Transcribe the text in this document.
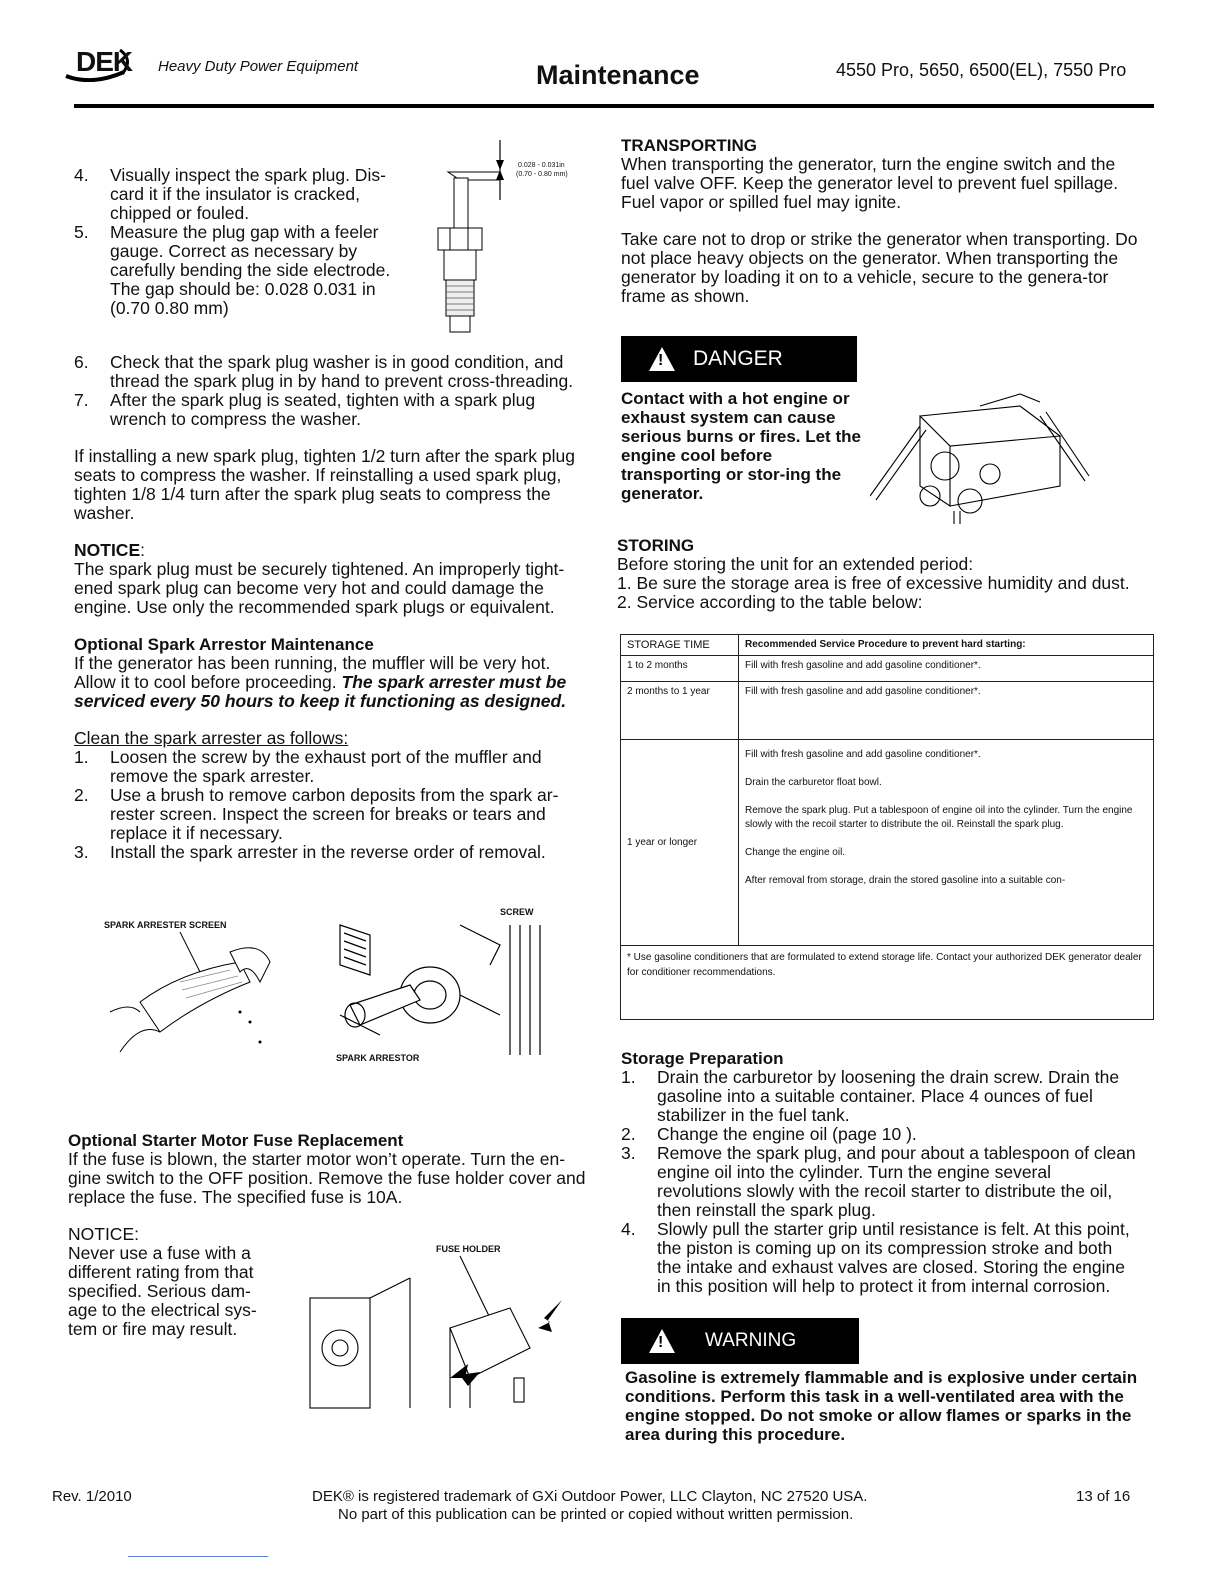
DEK Heavy Duty Power Equipment	Maintenance	4550 Pro, 5650, 6500(EL), 7550 Pro
4. Visually inspect the spark plug. Dis-card it if the insulator is cracked, chipped or fouled.
5. Measure the plug gap with a feeler gauge. Correct as necessary by carefully bending the side electrode. The gap should be: 0.028 0.031 in (0.70 0.80 mm)
0.028 - 0.031in
(0.70 - 0.80 mm)
6. Check that the spark plug washer is in good condition, and thread the spark plug in by hand to prevent cross-threading.
7. After the spark plug is seated, tighten with a spark plug wrench to compress the washer.

If installing a new spark plug, tighten 1/2 turn after the spark plug seats to compress the washer. If reinstalling a used spark plug, tighten 1/8 1/4 turn after the spark plug seats to compress the washer.

NOTICE:

The spark plug must be securely tightened. An improperly tight-ened spark plug can become very hot and could damage the engine. Use only the recommended spark plugs or equivalent.

Optional Spark Arrestor Maintenance

If the generator has been running, the muffler will be very hot. Allow it to cool before proceeding. The spark arrester must be serviced every 50 hours to keep it functioning as designed.

Clean the spark arrester as follows:

1. Loosen the screw by the exhaust port of the muffler and remove the spark arrester.
2. Use a brush to remove carbon deposits from the spark ar-rester screen. Inspect the screen for breaks or tears and replace it if necessary.
3. Install the spark arrester in the reverse order of removal.
SPARK ARRESTER SCREEN
SCREW
SPARK ARRESTOR

Optional Starter Motor Fuse Replacement

If the fuse is blown, the starter motor won’t operate. Turn the en-gine switch to the OFF position. Remove the fuse holder cover and replace the fuse. The specified fuse is 10A.

NOTICE:

Never use a fuse with a different rating from that specified. Serious dam-age to the electrical sys-tem or fire may result.

FUSE HOLDER

TRANSPORTING

When transporting the generator, turn the engine switch and the fuel valve OFF. Keep the generator level to prevent fuel spillage. Fuel vapor or spilled fuel may ignite.

Take care not to drop or strike the generator when transporting. Do not place heavy objects on the generator. When transporting the generator by loading it on to a vehicle, secure to the genera-tor frame as shown.

! DANGER

Contact with a hot engine or exhaust system can cause serious burns or fires. Let the engine cool before transporting or stor-ing the generator.

STORING

Before storing the unit for an extended period:

1. Be sure the storage area is free of excessive humidity and dust.

2. Service according to the table below:

STORAGE TIME	Recommended Service Procedure to prevent hard starting:
1 to 2 months	Fill with fresh gasoline and add gasoline conditioner*.
2 months to 1 year	Fill with fresh gasoline and add gasoline conditioner*.
1 year or longer	Fill with fresh gasoline and add gasoline conditioner*.

Drain the carburetor float bowl.

Remove the spark plug. Put a tablespoon of engine oil into the cylinder. Turn the engine slowly with the recoil starter to distribute the oil. Reinstall the spark plug.

Change the engine oil.

After removal from storage, drain the stored gasoline into a suitable con-

* Use gasoline conditioners that are formulated to extend storage life. Contact your authorized DEK generator dealer for conditioner recommendations.	

Storage Preparation

1. Drain the carburetor by loosening the drain screw. Drain the gasoline into a suitable container. Place 4 ounces of fuel stabilizer in the fuel tank.
2. Change the engine oil (page 10 ).
3. Remove the spark plug, and pour about a tablespoon of clean engine oil into the cylinder. Turn the engine several revolutions slowly with the recoil starter to distribute the oil, then reinstall the spark plug.
4. Slowly pull the starter grip until resistance is felt. At this point, the piston is coming up on its compression stroke and both the intake and exhaust valves are closed. Storing the engine in this position will help to protect it from internal corrosion.
! WARNING

Gasoline is extremely flammable and is explosive under certain conditions. Perform this task in a well-ventilated area with the engine stopped. Do not smoke or allow flames or sparks in the area during this procedure.

Rev. 1/2010	DEK® is registered trademark of GXi Outdoor Power, LLC Clayton, NC 27520 USA.
No part of this publication can be printed or copied without written permission.
13 of 16
